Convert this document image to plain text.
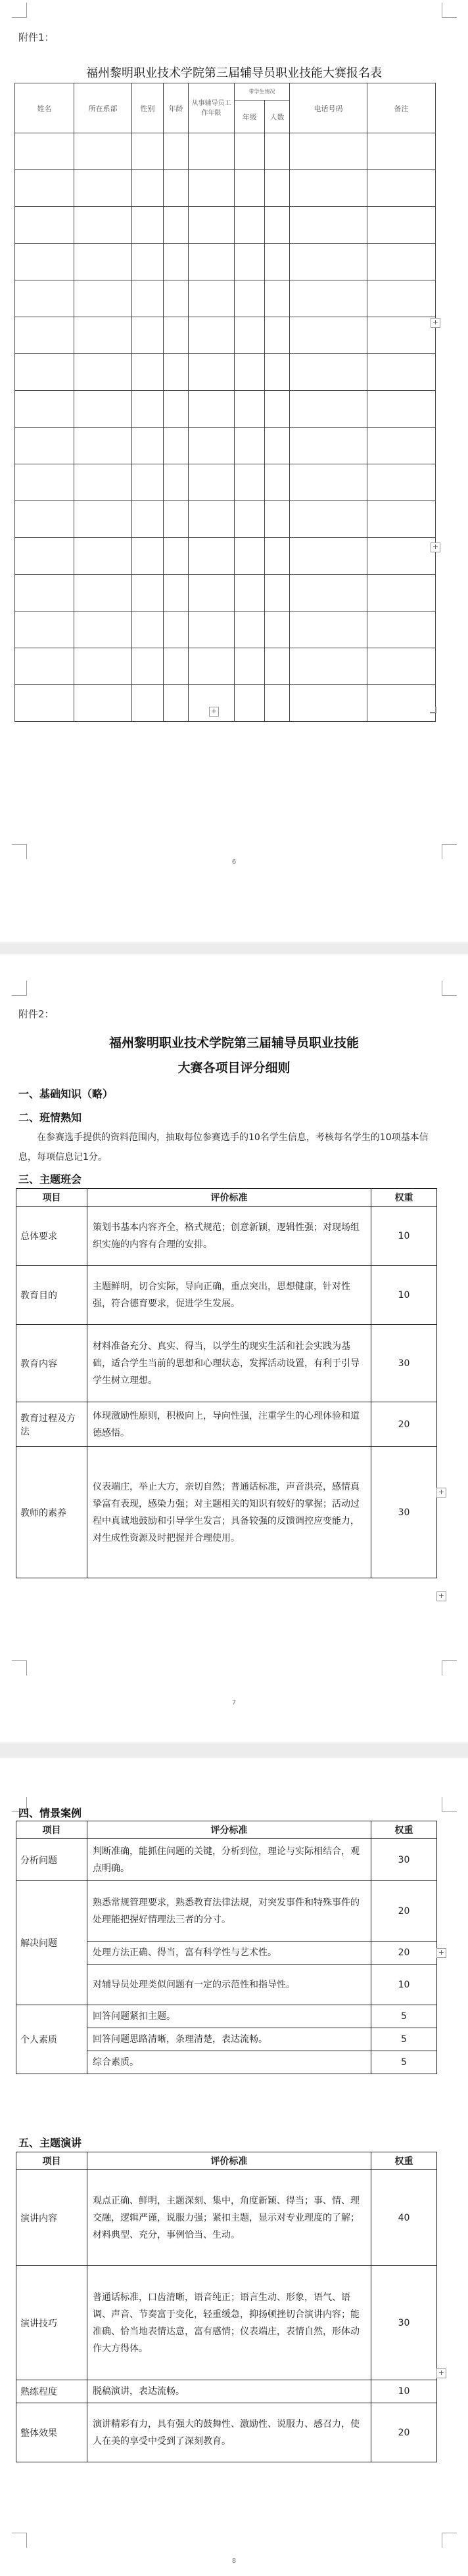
附件1：
福州黎明职业技术学院第三届辅导员职业技能大赛报名表
姓名	所在系部	性别	年龄	从事辅导员工作年限	带学生情况		电话号码	备注
					年级	人数		

+
+
+
6
附件2：
福州黎明职业技术学院第三届辅导员职业技能
大赛各项目评分细则
一、基础知识（略）
二、班情熟知
在参赛选手提供的资料范围内，抽取每位参赛选手的10名学生信息，考核每名学生的10项基本信息，每项信息记1分。
三、主题班会
项目	评价标准	权重
总体要求	策划书基本内容齐全，格式规范；创意新颖，逻辑性强；对现场组织实施的内容有合理的安排。	10
教育目的	主题鲜明，切合实际，导向正确，重点突出，思想健康，针对性强，符合德育要求，促进学生发展。	10
教育内容	材料准备充分、真实、得当，以学生的现实生活和社会实践为基础，适合学生当前的思想和心理状态，发挥活动设置，有利于引导学生树立理想。	30
教育过程及方法	体现激励性原则，积极向上，导向性强，注重学生的心理体验和道德感悟。	20
教师的素养	仪表端庄，举止大方，亲切自然；普通话标准，声音洪亮，感情真挚富有表现，感染力强；对主题相关的知识有较好的掌握；活动过程中真诚地鼓励和引导学生发言；具备较强的反馈调控应变能力，对生成性资源及时把握并合理使用。	30
+
+
7
四、情景案例
项目	评分标准	权重
分析问题	判断准确，能抓住问题的关键，分析到位，理论与实际相结合，观点明确。	30
解决问题	熟悉常规管理要求，熟悉教育法律法规，对突发事件和特殊事件的处理能把握好情理法三者的分寸。	20
	处理方法正确、得当，富有科学性与艺术性。	20
	对辅导员处理类似问题有一定的示范性和指导性。	10
个人素质	回答问题紧扣主题。	5
	回答问题思路清晰，条理清楚，表达流畅。	5
	综合素质。	5
+
五、主题演讲
项目	评价标准	权重
演讲内容	观点正确、鲜明，主题深刻、集中，角度新颖、得当；事、情、理交融，逻辑严谨，说服力强；紧扣主题，显示对专业理度的了解；材料典型、充分，事例恰当、生动。	40
演讲技巧	普通话标准，口齿清晰，语音纯正；语言生动、形象，语气、语调、声音、节奏富于变化，轻重缓急，抑扬顿挫切合演讲内容；能准确、恰当地表情达意，富有感情；仪表端庄，表情自然，形体动作大方得体。	30
熟练程度	脱稿演讲，表达流畅。	10
整体效果	演讲精彩有力，具有强大的鼓舞性、激励性、说服力、感召力，使人在美的享受中受到了深刻教育。	20
+
8
